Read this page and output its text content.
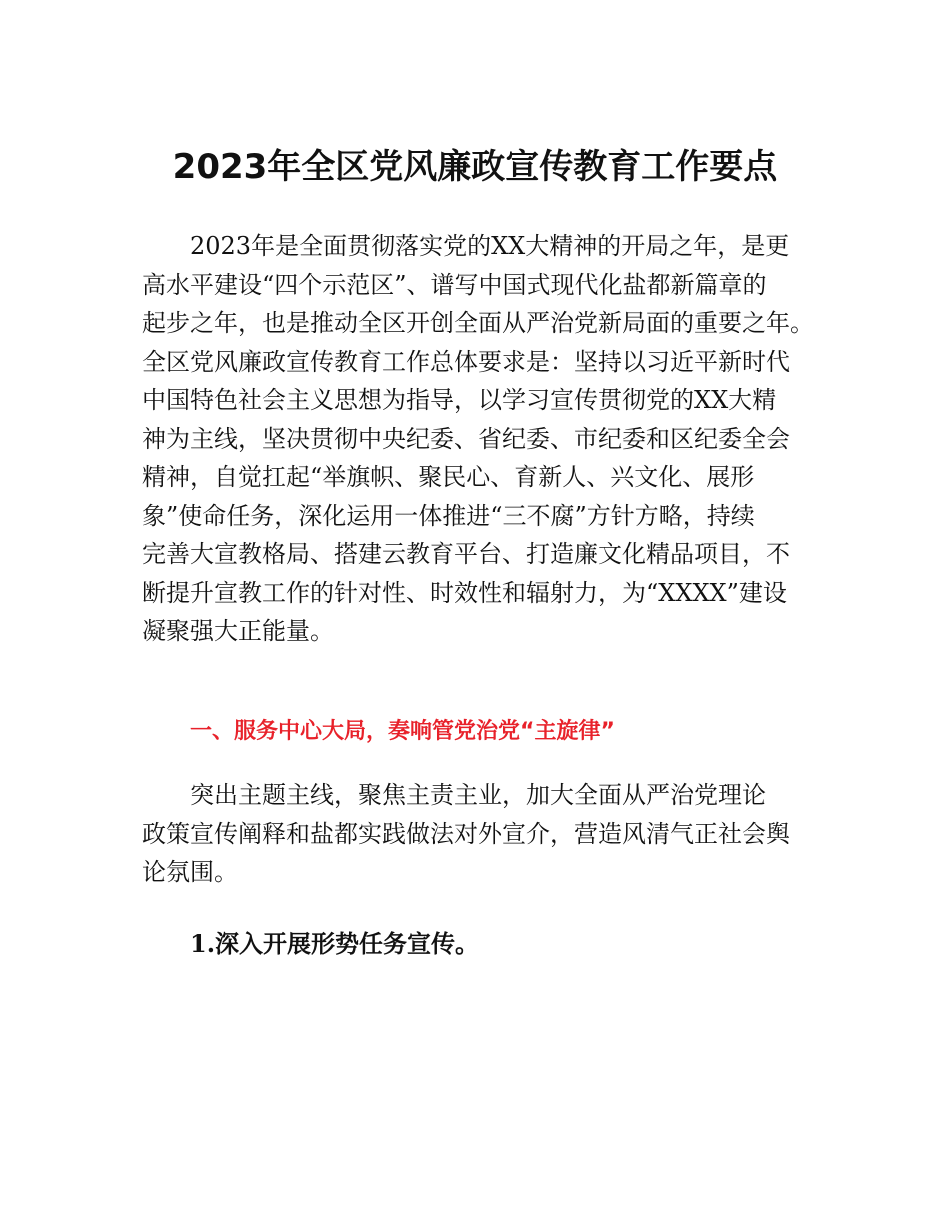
2023年全区党风廉政宣传教育工作要点
2023年是全面贯彻落实党的XX大精神的开局之年，是更
高水平建设“四个示范区”、谱写中国式现代化盐都新篇章的
起步之年，也是推动全区开创全面从严治党新局面的重要之年。
全区党风廉政宣传教育工作总体要求是：坚持以习近平新时代
中国特色社会主义思想为指导，以学习宣传贯彻党的XX大精
神为主线，坚决贯彻中央纪委、省纪委、市纪委和区纪委全会
精神，自觉扛起“举旗帜、聚民心、育新人、兴文化、展形
象”使命任务，深化运用一体推进“三不腐”方针方略，持续
完善大宣教格局、搭建云教育平台、打造廉文化精品项目，不
断提升宣教工作的针对性、时效性和辐射力，为“XXXX”建设
凝聚强大正能量。
一、服务中心大局，奏响管党治党“主旋律”
突出主题主线，聚焦主责主业，加大全面从严治党理论
政策宣传阐释和盐都实践做法对外宣介，营造风清气正社会舆
论氛围。
1.深入开展形势任务宣传。
